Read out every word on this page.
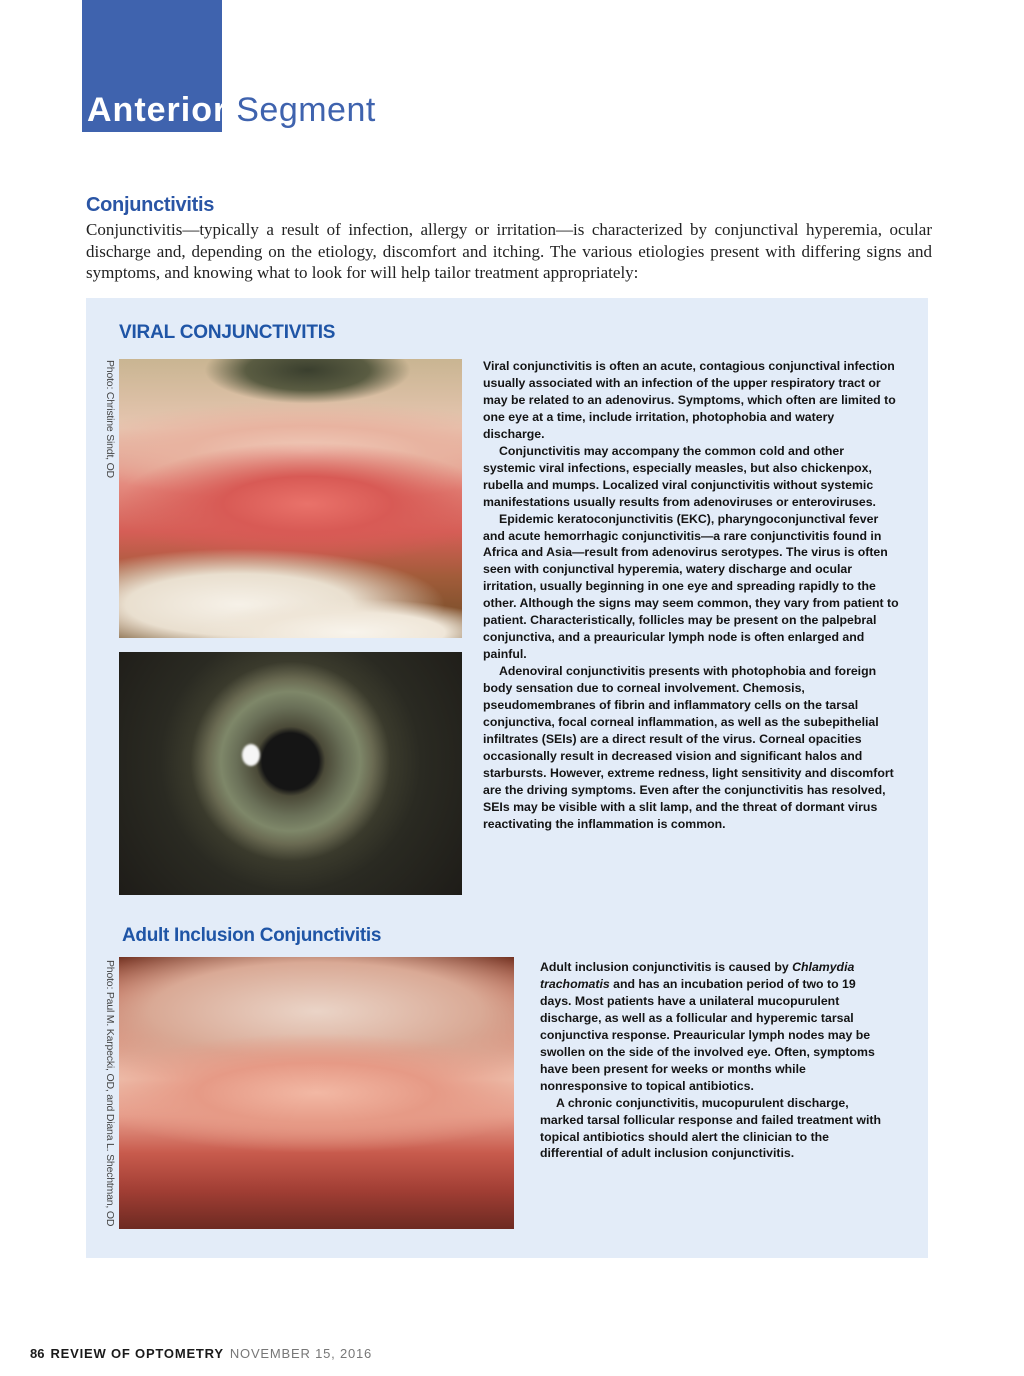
Anterior Segment
Conjunctivitis

Conjunctivitis—typically a result of infection, allergy or irritation—is characterized by conjunctival hyperemia, ocular discharge and, depending on the etiology, discomfort and itching. The various etiologies present with differing signs and symptoms, and knowing what to look for will help tailor treatment appropriately:

VIRAL CONJUNCTIVITIS
Photo: Christine Sindt, OD	Viral conjunctivitis is often an acute, contagious conjunctival infection usually associated with an infection of the upper respiratory tract or may be related to an adenovirus. Symptoms, which often are limited to one eye at a time, include irritation, photophobia and watery discharge.

Conjunctivitis may accompany the common cold and other systemic viral infections, especially measles, but also chickenpox, rubella and mumps. Localized viral conjunctivitis without systemic manifestations usually results from adenoviruses or enteroviruses.

Epidemic keratoconjunctivitis (EKC), pharyngoconjunctival fever and acute hemorrhagic conjunctivitis—a rare conjunctivitis found in Africa and Asia—result from adenovirus serotypes. The virus is often seen with conjunctival hyperemia, watery discharge and ocular irritation, usually beginning in one eye and spreading rapidly to the other. Although the signs may seem common, they vary from patient to patient. Characteristically, follicles may be present on the palpebral conjunctiva, and a preauricular lymph node is often enlarged and painful.

Adenoviral conjunctivitis presents with photophobia and foreign body sensation due to corneal involvement. Chemosis, pseudomembranes of fibrin and inflammatory cells on the tarsal conjunctiva, focal corneal inflammation, as well as the subepithelial infiltrates (SEIs) are a direct result of the virus. Corneal opacities occasionally result in decreased vision and significant halos and starbursts. However, extreme redness, light sensitivity and discomfort are the driving symptoms. Even after the conjunctivitis has resolved, SEIs may be visible with a slit lamp, and the threat of dormant virus reactivating the inflammation is common.

Adult Inclusion Conjunctivitis
Photo: Paul M. Karpecki, OD, and Diana L. Shechtman, OD	Adult inclusion conjunctivitis is caused by Chlamydia trachomatis and has an incubation period of two to 19 days. Most patients have a unilateral mucopurulent discharge, as well as a follicular and hyperemic tarsal conjunctiva response. Preauricular lymph nodes may be swollen on the side of the involved eye. Often, symptoms have been present for weeks or months while nonresponsive to topical antibiotics.

A chronic conjunctivitis, mucopurulent discharge, marked tarsal follicular response and failed treatment with topical antibiotics should alert the clinician to the differential of adult inclusion conjunctivitis.

86 REVIEW OF OPTOMETRY NOVEMBER 15, 2016
